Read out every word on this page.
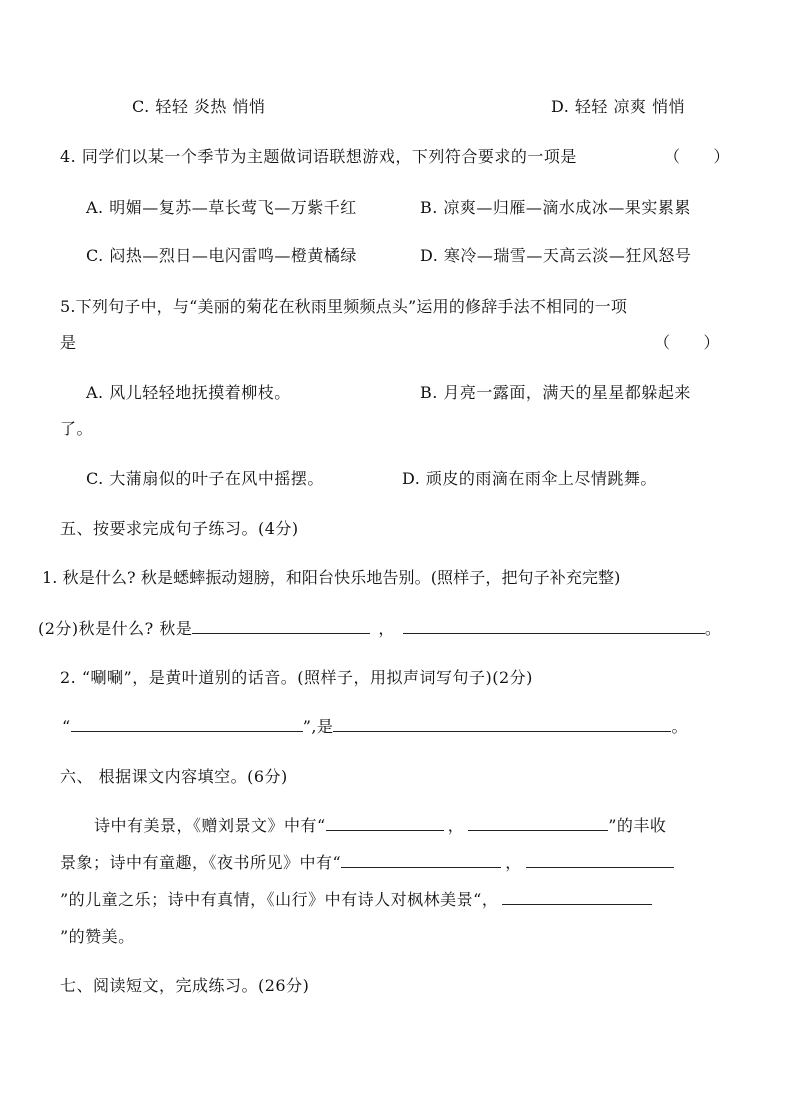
C. 轻轻 炎热 悄悄	D. 轻轻 凉爽 悄悄
4. 同学们以某一个季节为主题做词语联想游戏，下列符合要求的一项是	（　　）
A. 明媚—复苏—草长莺飞—万紫千红	B. 凉爽—归雁—滴水成冰—果实累累
C. 闷热—烈日—电闪雷鸣—橙黄橘绿	D. 寒冷—瑞雪—天高云淡—狂风怒号
5.下列句子中，与“美丽的菊花在秋雨里频频点头”运用的修辞手法不相同的一项
是	（　　）
A. 风儿轻轻地抚摸着柳枝。	B. 月亮一露面，满天的星星都躲起来
了。
C. 大蒲扇似的叶子在风中摇摆。	D. 顽皮的雨滴在雨伞上尽情跳舞。
五、按要求完成句子练习。(4分)
1. 秋是什么? 秋是蟋蟀振动翅膀，和阳台快乐地告别。(照样子，把句子补充完整)
(2分)秋是什么? 秋是	，	。
2. “唰唰”，是黄叶道别的话音。(照样子，用拟声词写句子)(2分)
“	”,是	。
六、 根据课文内容填空。(6分)
诗中有美景，《赠刘景文》中有“	，	”的丰收
景象；诗中有童趣，《夜书所见》中有“	，
”的儿童之乐；诗中有真情，《山行》中有诗人对枫林美景“，
”的赞美。
七、阅读短文，完成练习。(26分)
